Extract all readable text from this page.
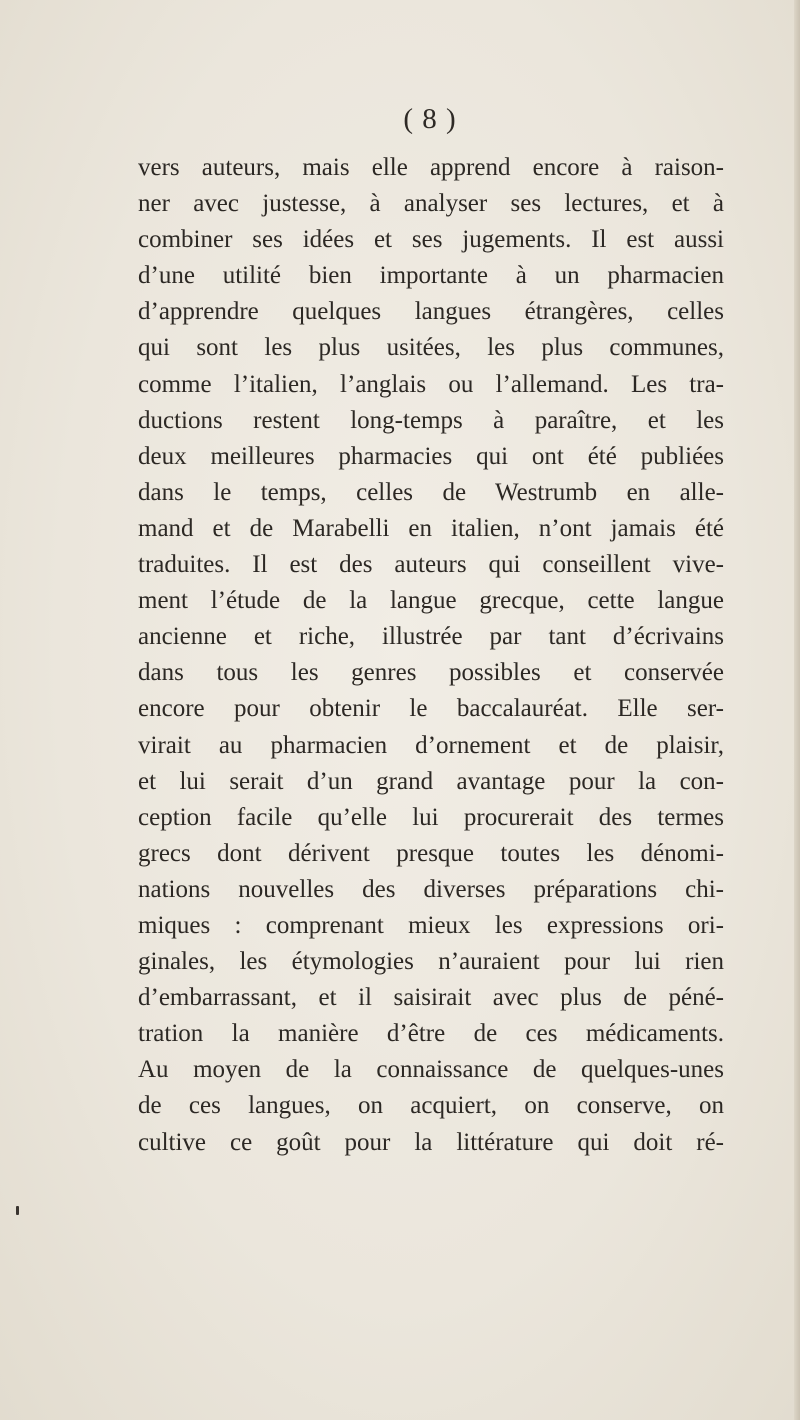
( 8 )
vers auteurs, mais elle apprend encore à raison-
ner avec justesse, à analyser ses lectures, et à
combiner ses idées et ses jugements. Il est aussi
d’une utilité bien importante à un pharmacien
d’apprendre quelques langues étrangères, celles
qui sont les plus usitées, les plus communes,
comme l’italien, l’anglais ou l’allemand. Les tra-
ductions restent long-temps à paraître, et les
deux meilleures pharmacies qui ont été publiées
dans le temps, celles de Westrumb en alle-
mand et de Marabelli en italien, n’ont jamais été
traduites. Il est des auteurs qui conseillent vive-
ment l’étude de la langue grecque, cette langue
ancienne et riche, illustrée par tant d’écrivains
dans tous les genres possibles et conservée
encore pour obtenir le baccalauréat. Elle ser-
virait au pharmacien d’ornement et de plaisir,
et lui serait d’un grand avantage pour la con-
ception facile qu’elle lui procurerait des termes
grecs dont dérivent presque toutes les dénomi-
nations nouvelles des diverses préparations chi-
miques : comprenant mieux les expressions ori-
ginales, les étymologies n’auraient pour lui rien
d’embarrassant, et il saisirait avec plus de péné-
tration la manière d’être de ces médicaments.
Au moyen de la connaissance de quelques-unes
de ces langues, on acquiert, on conserve, on
cultive ce goût pour la littérature qui doit ré-
